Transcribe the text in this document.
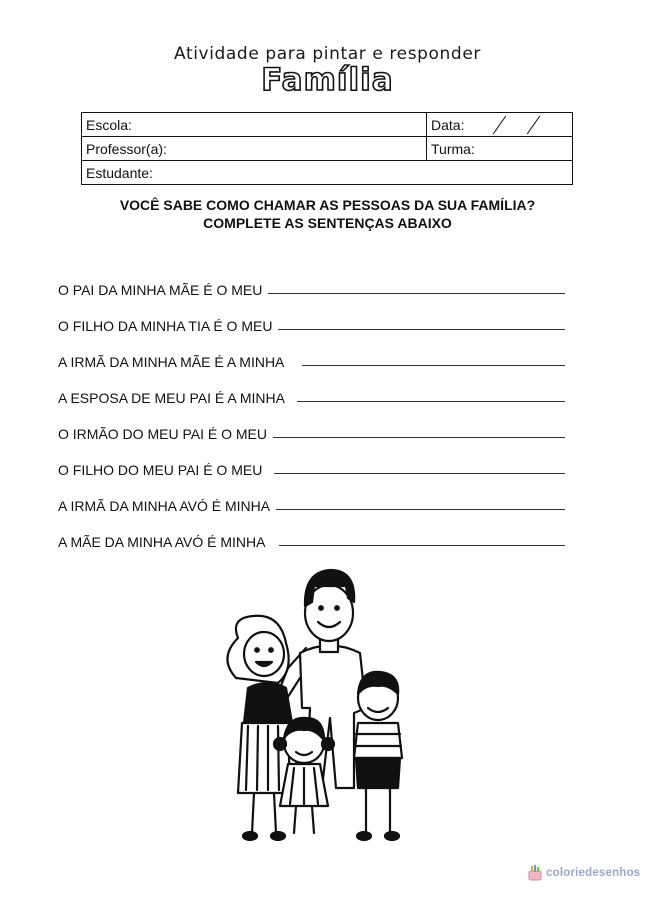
Atividade para pintar e responder
Família
Escola:	Data:

Professor(a):	Turma:
Estudante:	
VOCÊ SABE COMO CHAMAR AS PESSOAS DA SUA FAMÍLIA?
COMPLETE AS SENTENÇAS ABAIXO
O PAI DA MINHA MÃE É O MEU
O FILHO DA MINHA TIA É O MEU
A IRMÃ DA MINHA MÃE É A MINHA
A ESPOSA DE MEU PAI É A MINHA
O IRMÃO DO MEU PAI É O MEU
O FILHO DO MEU PAI É O MEU
A IRMÃ DA MINHA AVÓ É MINHA
A MÃE DA MINHA AVÓ É MINHA
coloriedesenhos
